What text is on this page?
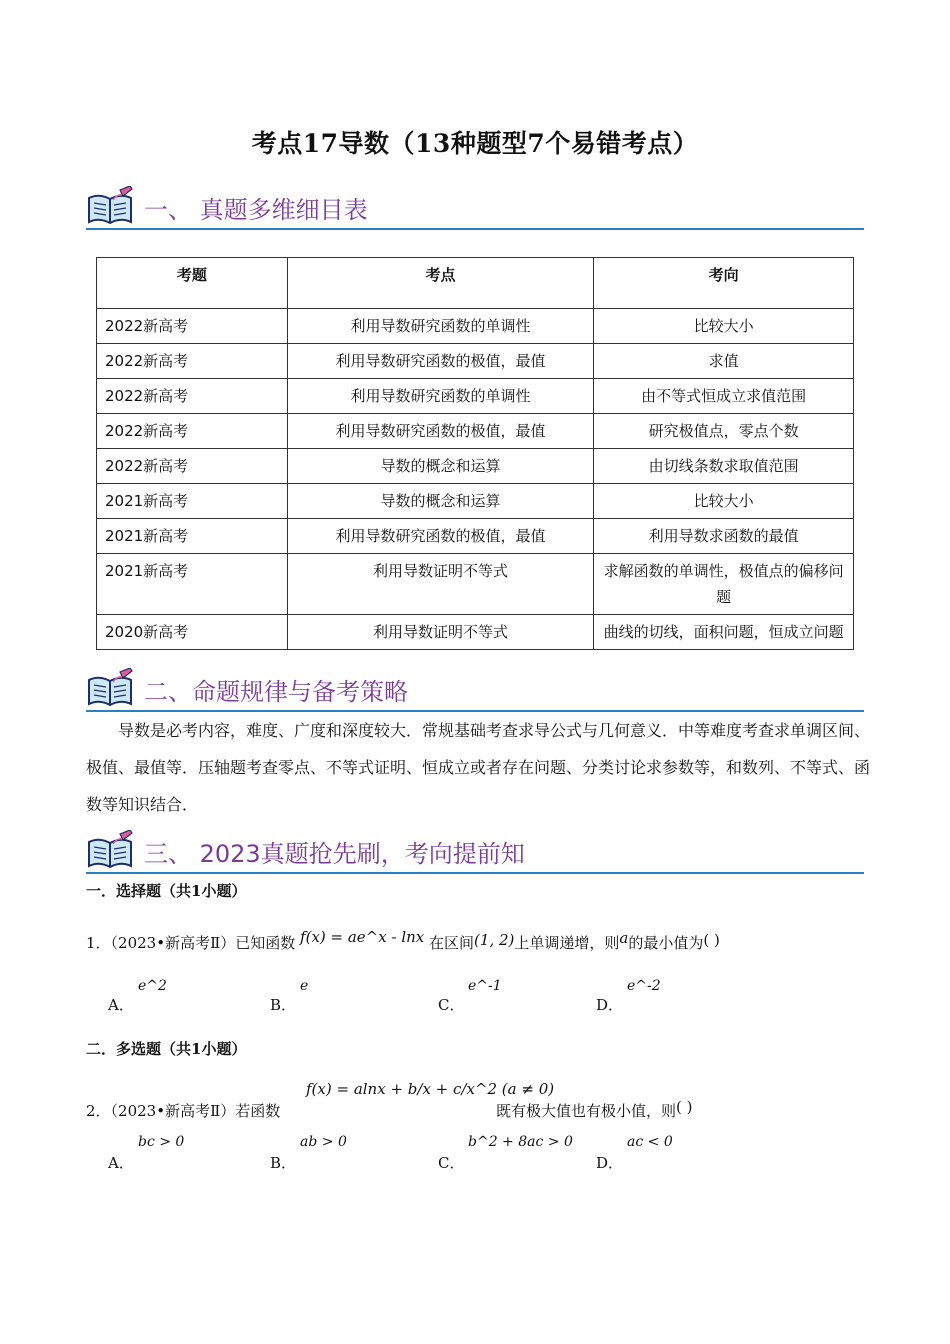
考点17导数（13种题型7个易错考点）
一、 真题多维细目表
考题	考点	考向
2022新高考	利用导数研究函数的单调性	比较大小
2022新高考	利用导数研究函数的极值，最值	求值
2022新高考	利用导数研究函数的单调性	由不等式恒成立求值范围
2022新高考	利用导数研究函数的极值，最值	研究极值点，零点个数
2022新高考	导数的概念和运算	由切线条数求取值范围
2021新高考	导数的概念和运算	比较大小
2021新高考	利用导数研究函数的极值，最值	利用导数求函数的最值
2021新高考	利用导数证明不等式	求解函数的单调性，极值点的偏移问题
2020新高考	利用导数证明不等式	曲线的切线，面积问题，恒成立问题
二、命题规律与备考策略
导数是必考内容，难度、广度和深度较大．常规基础考查求导公式与几何意义．中等难度考查求单调区间、极值、最值等．压轴题考查零点、不等式证明、恒成立或者存在问题、分类讨论求参数等，和数列、不等式、函数等知识结合．
三、 2023真题抢先刷，考向提前知
一．选择题（共1小题）
1．（2023•新高考Ⅱ）已知函数 f(x) = ae^x - lnx 在区间(1, 2)上单调递增，则a的最小值为( )
A．
e^2
B．
e
C．
e^-1
D．
e^-2
二．多选题（共1小题）
2．（2023•新高考Ⅱ）若函数
f(x) = alnx + b/x + c/x^2 (a ≠ 0)
既有极大值也有极小值，则( )
A．
bc > 0
B．
ab > 0
C．
b^2 + 8ac > 0
D．
ac < 0
